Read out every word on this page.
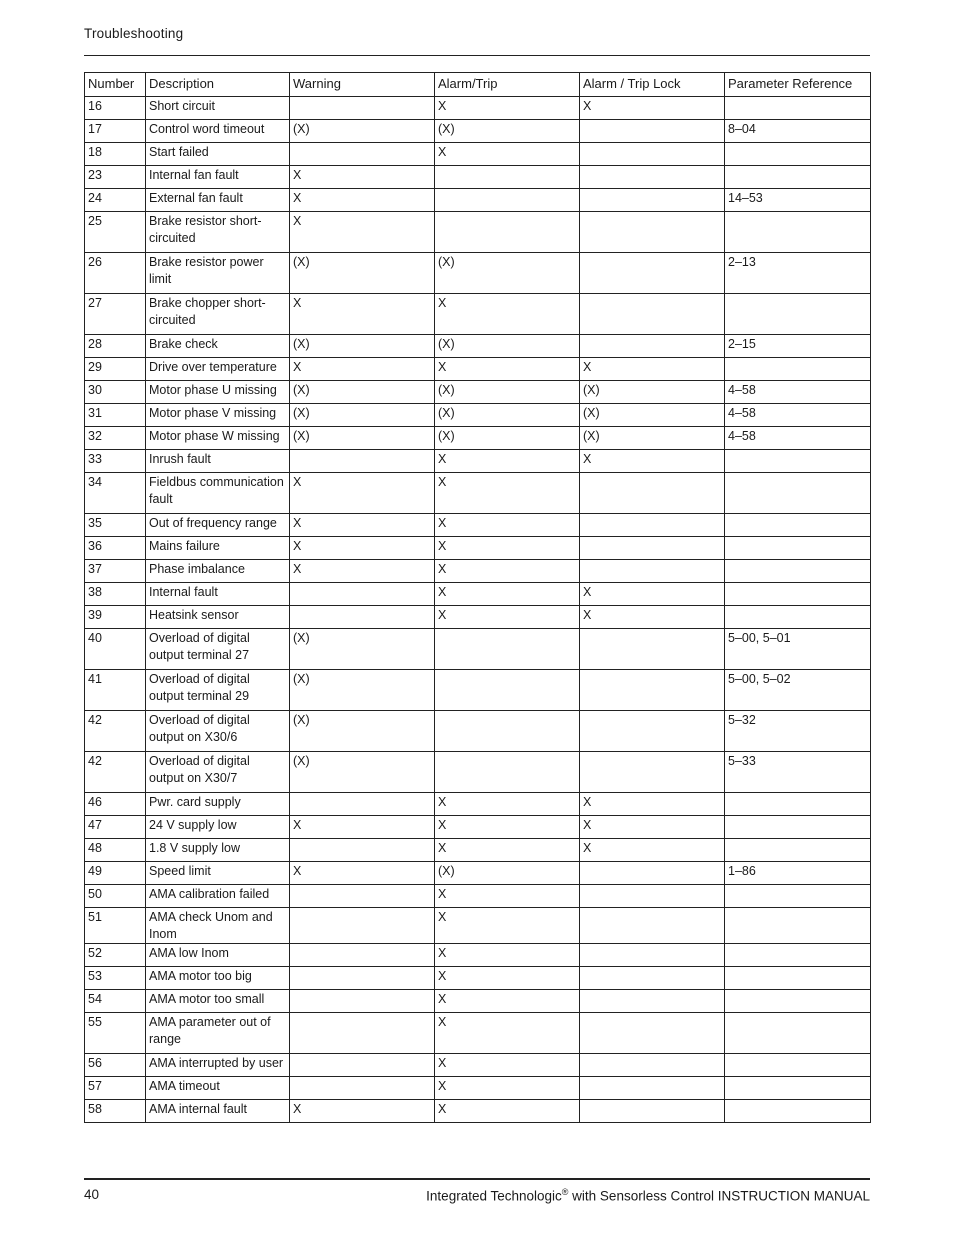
Troubleshooting
Number	Description	Warning	Alarm/Trip	Alarm / Trip Lock	Parameter Reference
16	Short circuit		X	X	
17	Control word timeout	(X)	(X)		8–04
18	Start failed		X		
23	Internal fan fault	X			
24	External fan fault	X			14–53
25	Brake resistor short-circuited	X			
26	Brake resistor power limit	(X)	(X)		2–13
27	Brake chopper short-circuited	X	X		
28	Brake check	(X)	(X)		2–15
29	Drive over temperature	X	X	X	
30	Motor phase U missing	(X)	(X)	(X)	4–58
31	Motor phase V missing	(X)	(X)	(X)	4–58
32	Motor phase W missing	(X)	(X)	(X)	4–58
33	Inrush fault		X	X	
34	Fieldbus communication fault	X	X		
35	Out of frequency range	X	X		
36	Mains failure	X	X		
37	Phase imbalance	X	X		
38	Internal fault		X	X	
39	Heatsink sensor		X	X	
40	Overload of digital output terminal 27	(X)			5–00, 5–01
41	Overload of digital output terminal 29	(X)			5–00, 5–02
42	Overload of digital output on X30/6	(X)			5–32
42	Overload of digital output on X30/7	(X)			5–33
46	Pwr. card supply		X	X	
47	24 V supply low	X	X	X	
48	1.8 V supply low		X	X	
49	Speed limit	X	(X)		1–86
50	AMA calibration failed		X		
51	AMA check Unom and Inom		X		
52	AMA low Inom		X		
53	AMA motor too big		X		
54	AMA motor too small		X		
55	AMA parameter out of range		X		
56	AMA interrupted by user		X		
57	AMA timeout		X		
58	AMA internal fault	X	X		
40	Integrated Technologic® with Sensorless Control INSTRUCTION MANUAL
